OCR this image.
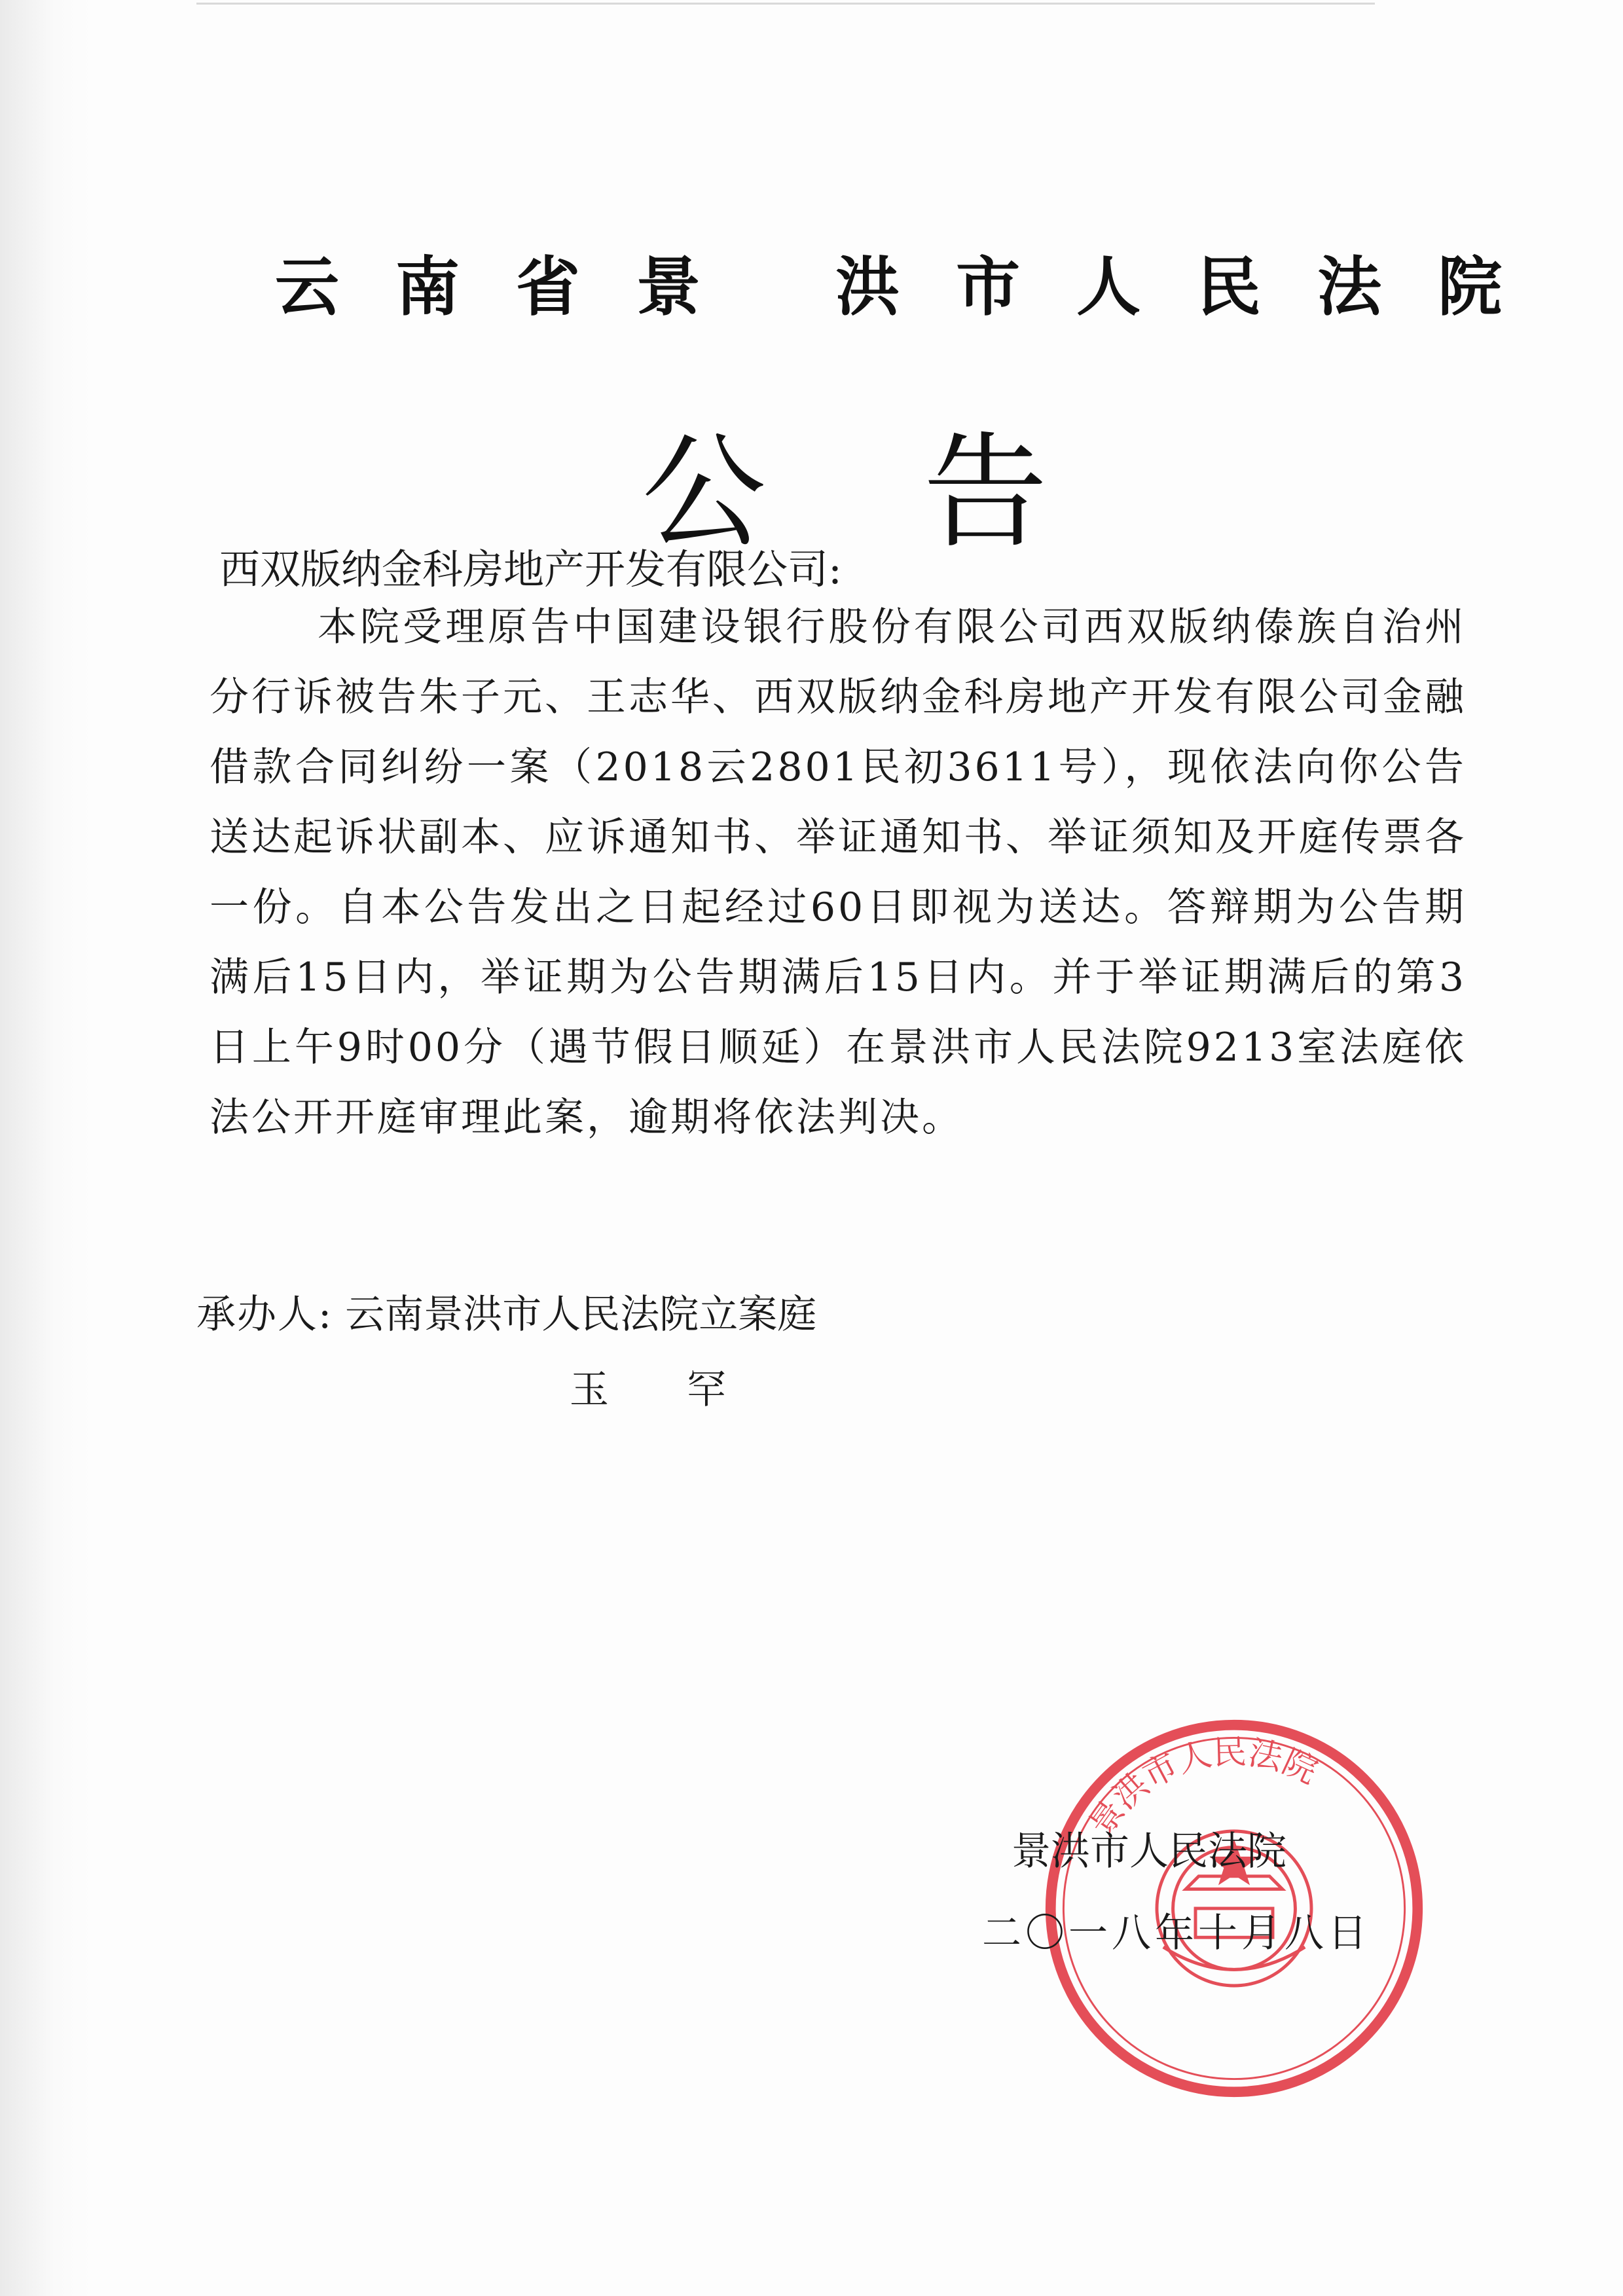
云南省景 洪市人民法院
公告
西双版纳金科房地产开发有限公司:
本院受理原告中国建设银行股份有限公司西双版纳傣族自治州分行诉被告朱子元、王志华、西双版纳金科房地产开发有限公司金融借款合同纠纷一案（2018云2801民初3611号），现依法向你公告送达起诉状副本、应诉通知书、举证通知书、举证须知及开庭传票各一份。自本公告发出之日起经过60日即视为送达。答辩期为公告期满后15日内，举证期为公告期满后15日内。并于举证期满后的第3日上午9时00分（遇节假日顺延）在景洪市人民法院9213室法庭依法公开开庭审理此案，逾期将依法判决。
承办人: 云南景洪市人民法院立案庭
玉 罕
景洪市人民法院
景洪市人民法院
二〇一八年十月八日
